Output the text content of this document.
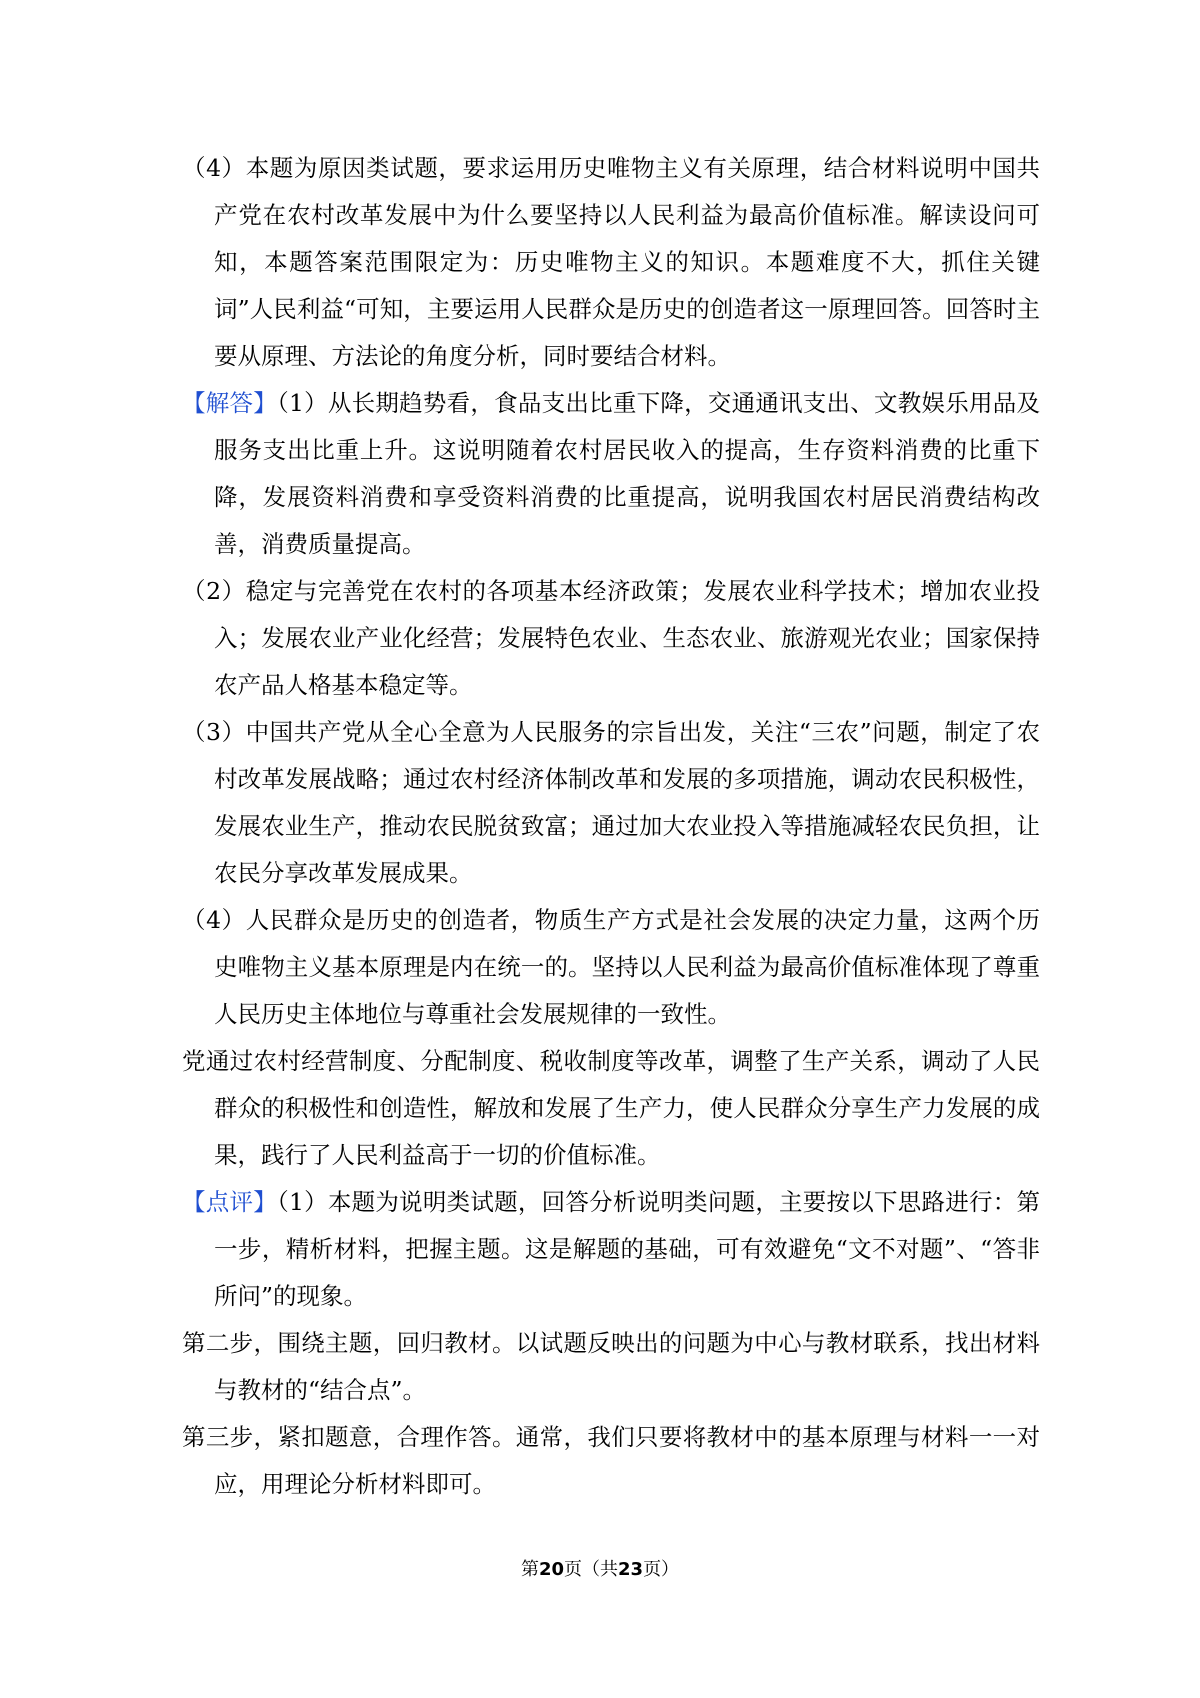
（4）本题为原因类试题，要求运用历史唯物主义有关原理，结合材料说明中国共产党在农村改革发展中为什么要坚持以人民利益为最高价值标准。解读设问可知，本题答案范围限定为：历史唯物主义的知识。本题难度不大，抓住关键词”人民利益“可知，主要运用人民群众是历史的创造者这一原理回答。回答时主要从原理、方法论的角度分析，同时要结合材料。

【解答】（1）从长期趋势看，食品支出比重下降，交通通讯支出、文教娱乐用品及服务支出比重上升。这说明随着农村居民收入的提高，生存资料消费的比重下降，发展资料消费和享受资料消费的比重提高，说明我国农村居民消费结构改善，消费质量提高。

（2）稳定与完善党在农村的各项基本经济政策；发展农业科学技术；增加农业投入；发展农业产业化经营；发展特色农业、生态农业、旅游观光农业；国家保持农产品人格基本稳定等。

（3）中国共产党从全心全意为人民服务的宗旨出发，关注“三农”问题，制定了农村改革发展战略；通过农村经济体制改革和发展的多项措施，调动农民积极性，发展农业生产，推动农民脱贫致富；通过加大农业投入等措施减轻农民负担，让农民分享改革发展成果。

（4）人民群众是历史的创造者，物质生产方式是社会发展的决定力量，这两个历史唯物主义基本原理是内在统一的。坚持以人民利益为最高价值标准体现了尊重人民历史主体地位与尊重社会发展规律的一致性。

党通过农村经营制度、分配制度、税收制度等改革，调整了生产关系，调动了人民群众的积极性和创造性，解放和发展了生产力，使人民群众分享生产力发展的成果，践行了人民利益高于一切的价值标准。

【点评】（1）本题为说明类试题，回答分析说明类问题，主要按以下思路进行：第一步，精析材料，把握主题。这是解题的基础，可有效避免“文不对题”、“答非所问”的现象。

第二步，围绕主题，回归教材。以试题反映出的问题为中心与教材联系，找出材料与教材的“结合点”。

第三步，紧扣题意，合理作答。通常，我们只要将教材中的基本原理与材料一一对应，用理论分析材料即可。

第20页（共23页）
